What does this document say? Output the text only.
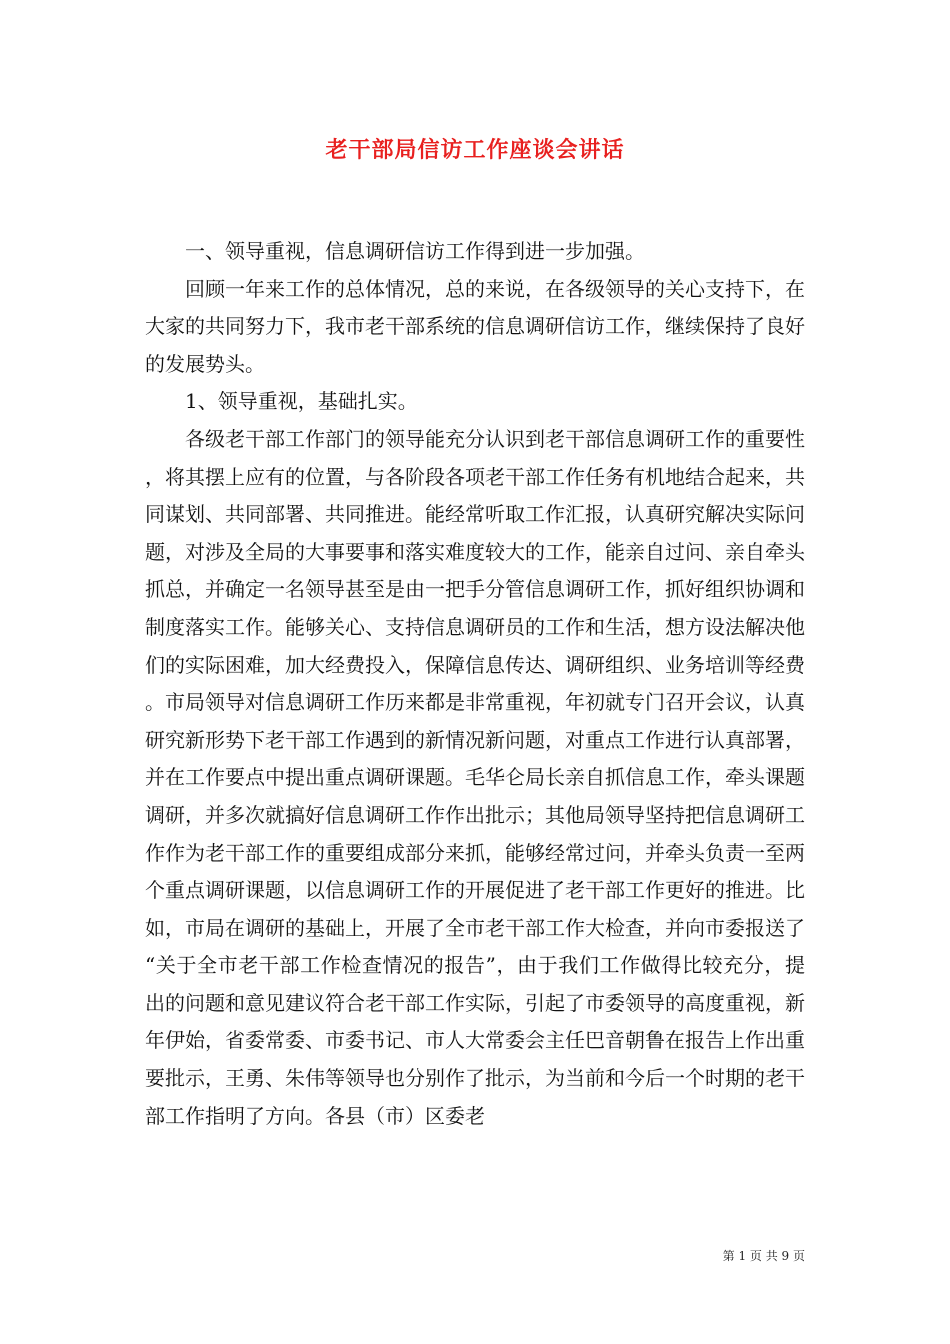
老干部局信访工作座谈会讲话

一、领导重视，信息调研信访工作得到进一步加强。

回顾一年来工作的总体情况，总的来说，在各级领导的关心支持下，在大家的共同努力下，我市老干部系统的信息调研信访工作，继续保持了良好的发展势头。

1、领导重视，基础扎实。

各级老干部工作部门的领导能充分认识到老干部信息调研工作的重要性，将其摆上应有的位置，与各阶段各项老干部工作任务有机地结合起来，共同谋划、共同部署、共同推进。能经常听取工作汇报，认真研究解决实际问题，对涉及全局的大事要事和落实难度较大的工作，能亲自过问、亲自牵头抓总，并确定一名领导甚至是由一把手分管信息调研工作，抓好组织协调和制度落实工作。能够关心、支持信息调研员的工作和生活，想方设法解决他们的实际困难，加大经费投入，保障信息传达、调研组织、业务培训等经费。市局领导对信息调研工作历来都是非常重视，年初就专门召开会议，认真研究新形势下老干部工作遇到的新情况新问题，对重点工作进行认真部署，并在工作要点中提出重点调研课题。毛华仑局长亲自抓信息工作，牵头课题调研，并多次就搞好信息调研工作作出批示；其他局领导坚持把信息调研工作作为老干部工作的重要组成部分来抓，能够经常过问，并牵头负责一至两个重点调研课题，以信息调研工作的开展促进了老干部工作更好的推进。比如，市局在调研的基础上，开展了全市老干部工作大检查，并向市委报送了“关于全市老干部工作检查情况的报告”，由于我们工作做得比较充分，提出的问题和意见建议符合老干部工作实际，引起了市委领导的高度重视，新年伊始，省委常委、市委书记、市人大常委会主任巴音朝鲁在报告上作出重要批示，王勇、朱伟等领导也分别作了批示，为当前和今后一个时期的老干部工作指明了方向。各县（市）区委老

第 1 页 共 9 页
